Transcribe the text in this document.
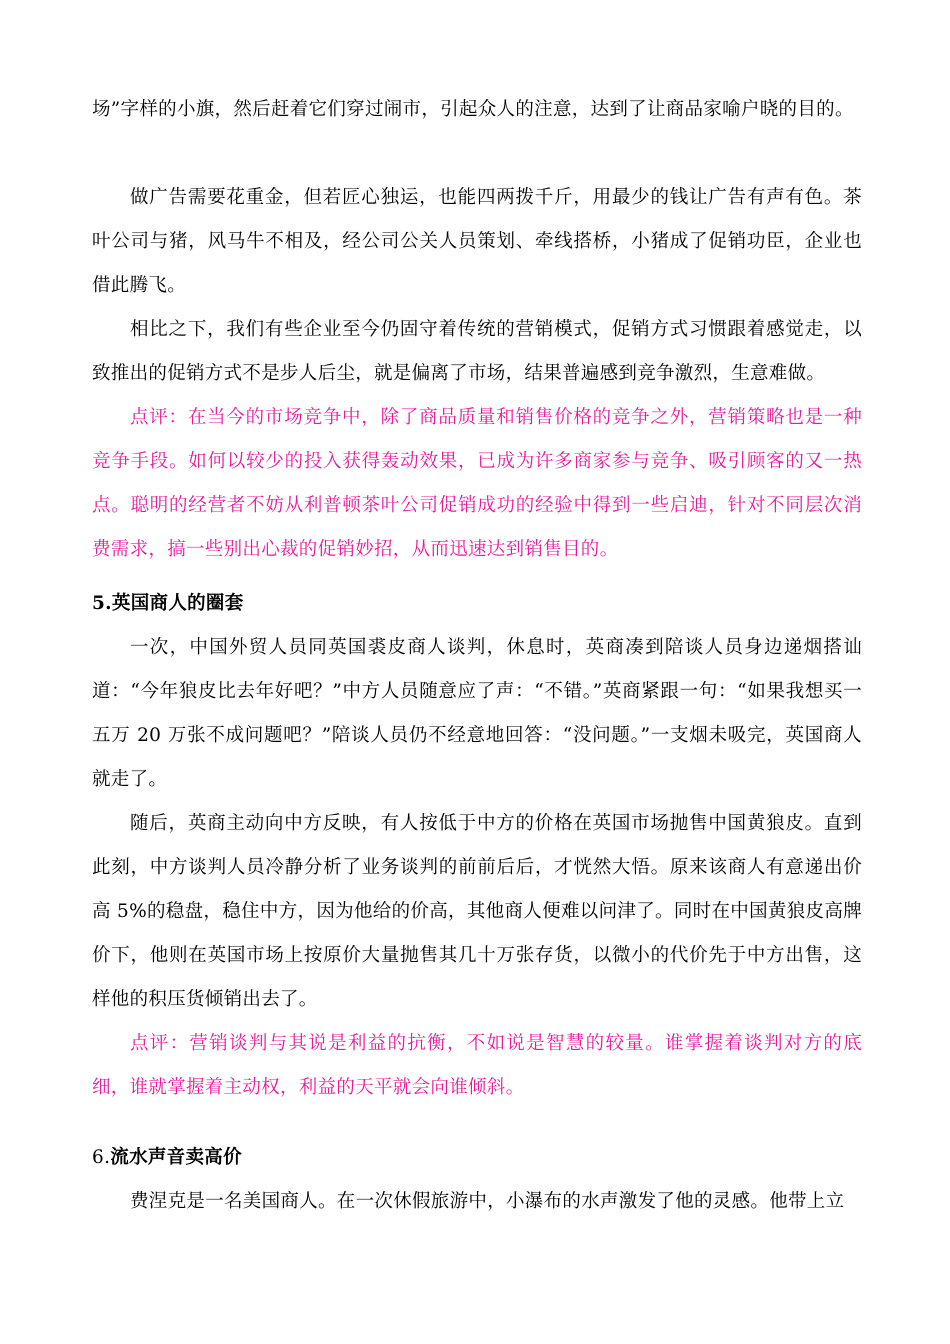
场”字样的小旗，然后赶着它们穿过闹市，引起众人的注意，达到了让商品家喻户晓的目的。

做广告需要花重金，但若匠心独运，也能四两拨千斤，用最少的钱让广告有声有色。茶叶公司与猪，风马牛不相及，经公司公关人员策划、牵线搭桥，小猪成了促销功臣，企业也借此腾飞。

相比之下，我们有些企业至今仍固守着传统的营销模式，促销方式习惯跟着感觉走，以致推出的促销方式不是步人后尘，就是偏离了市场，结果普遍感到竞争激烈，生意难做。

点评：在当今的市场竞争中，除了商品质量和销售价格的竞争之外，营销策略也是一种竞争手段。如何以较少的投入获得轰动效果，已成为许多商家参与竞争、吸引顾客的又一热点。聪明的经营者不妨从利普顿茶叶公司促销成功的经验中得到一些启迪，针对不同层次消费需求，搞一些别出心裁的促销妙招，从而迅速达到销售目的。

5.英国商人的圈套

一次，中国外贸人员同英国裘皮商人谈判，休息时，英商凑到陪谈人员身边递烟搭讪道：“今年狼皮比去年好吧？”中方人员随意应了声：“不错。”英商紧跟一句：“如果我想买一五万 20 万张不成问题吧？”陪谈人员仍不经意地回答：“没问题。”一支烟未吸完，英国商人就走了。

随后，英商主动向中方反映，有人按低于中方的价格在英国市场抛售中国黄狼皮。直到此刻，中方谈判人员冷静分析了业务谈判的前前后后，才恍然大悟。原来该商人有意递出价高 5%的稳盘，稳住中方，因为他给的价高，其他商人便难以问津了。同时在中国黄狼皮高牌价下，他则在英国市场上按原价大量抛售其几十万张存货，以微小的代价先于中方出售，这样他的积压货倾销出去了。

点评：营销谈判与其说是利益的抗衡，不如说是智慧的较量。谁掌握着谈判对方的底细，谁就掌握着主动权，利益的天平就会向谁倾斜。

6.流水声音卖高价

费涅克是一名美国商人。在一次休假旅游中，小瀑布的水声激发了他的灵感。他带上立
